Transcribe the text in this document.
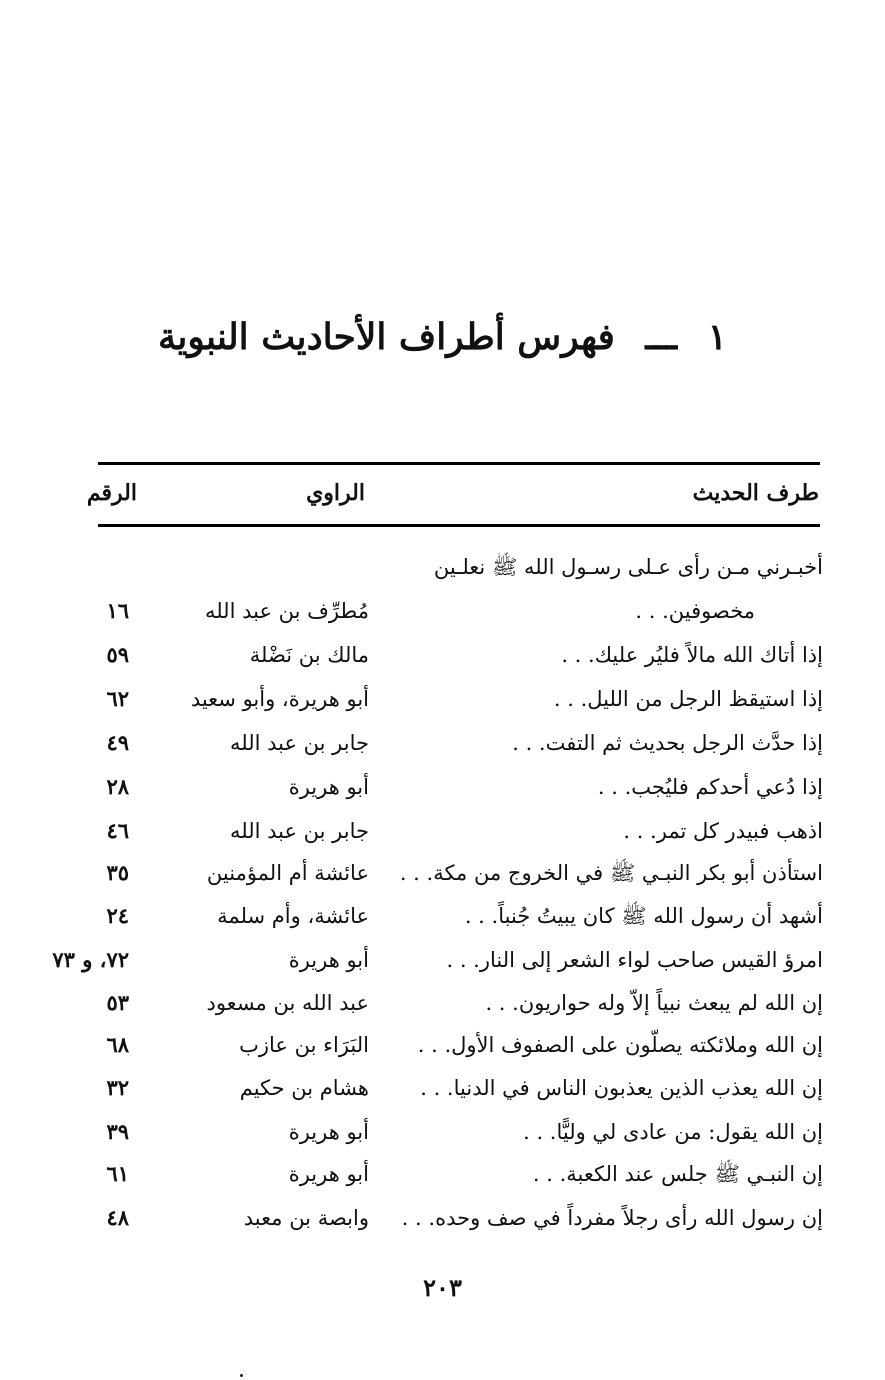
١ ـــ فهرس أطراف الأحاديث النبوية
طرف الحديث
الراوي
الرقم
أخبـرني مـن رأى عـلى رسـول الله ﷺ نعلـين
مخصوفين. . .
مُطرِّف بن عبد الله
١٦
إذا أتاك الله مالاً فليُر عليك. . .
مالك بن نَضْلة
٥٩
إذا استيقظ الرجل من الليل. . .
أبو هريرة، وأبو سعيد
٦٢
إذا حدَّث الرجل بحديث ثم التفت. . .
جابر بن عبد الله
٤٩
إذا دُعي أحدكم فليُجب. . .
أبو هريرة
٢٨
اذهب فبيدر كل تمر. . .
جابر بن عبد الله
٤٦
استأذن أبو بكر النبـي ﷺ في الخروج من مكة. . .
عائشة أم المؤمنين
٣٥
أشهد أن رسول الله ﷺ كان يبيتُ جُنباً. . .
عائشة، وأم سلمة
٢٤
امرؤ القيس صاحب لواء الشعر إلى النار. . .
أبو هريرة
٧٢، و ٧٣
إن الله لم يبعث نبياً إلاّ وله حواريون. . .
عبد الله بن مسعود
٥٣
إن الله وملائكته يصلّون على الصفوف الأول. . .
البَرَاء بن عازب
٦٨
إن الله يعذب الذين يعذبون الناس في الدنيا. . .
هشام بن حكيم
٣٢
إن الله يقول: من عادى لي وليًّا. . .
أبو هريرة
٣٩
إن النبـي ﷺ جلس عند الكعبة. . .
أبو هريرة
٦١
إن رسول الله رأى رجلاً مفرداً في صف وحده. . .
وابصة بن معبد
٤٨
٢٠٣
